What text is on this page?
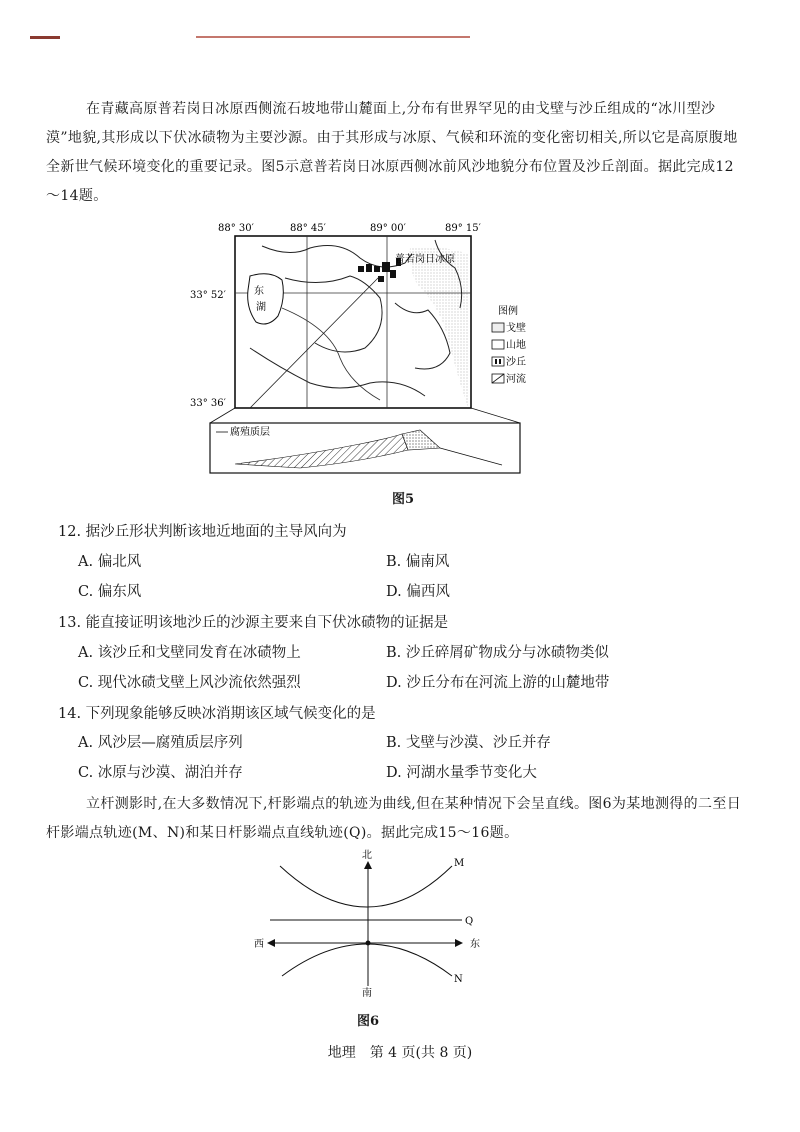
在青藏高原普若岗日冰原西侧流石坡地带山麓面上,分布有世界罕见的由戈壁与沙丘组成的“冰川型沙漠”地貌,其形成以下伏冰碛物为主要沙源。由于其形成与冰原、气候和环流的变化密切相关,所以它是高原腹地全新世气候环境变化的重要记录。图5示意普若岗日冰原西侧冰前风沙地貌分布位置及沙丘剖面。据此完成12～14题。
88° 30′	88° 45′	89° 00′	89° 15′
33° 52′
33° 36′
东
湖
普若岗日冰原
图例
戈壁
山地
沙丘
河流
腐殖质层
图5
12. 据沙丘形状判断该地近地面的主导风向为
A. 偏北风	B. 偏南风
C. 偏东风	D. 偏西风
13. 能直接证明该地沙丘的沙源主要来自下伏冰碛物的证据是
A. 该沙丘和戈壁同发育在冰碛物上	B. 沙丘碎屑矿物成分与冰碛物类似
C. 现代冰碛戈壁上风沙流依然强烈	D. 沙丘分布在河流上游的山麓地带
14. 下列现象能够反映冰消期该区域气候变化的是
A. 风沙层—腐殖质层序列	B. 戈壁与沙漠、沙丘并存
C. 冰原与沙漠、湖泊并存	D. 河湖水量季节变化大
立杆测影时,在大多数情况下,杆影端点的轨迹为曲线,但在某种情况下会呈直线。图6为某地测得的二至日杆影端点轨迹(M、N)和某日杆影端点直线轨迹(Q)。据此完成15～16题。
北
南
西	东
M
Q
N
图6
地理　第 4 页(共 8 页)
